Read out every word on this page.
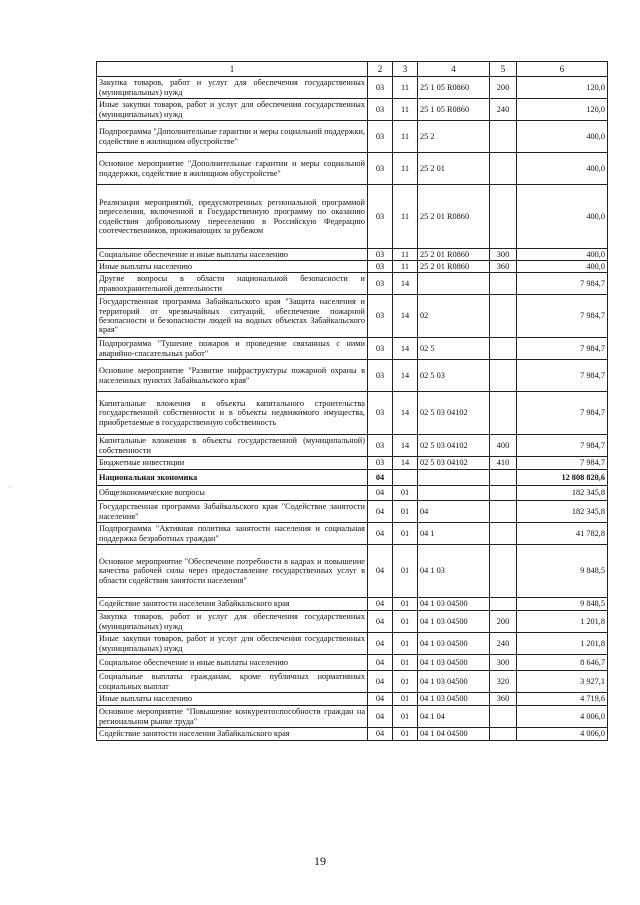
1	2	3	4	5	6
Закупка товаров, работ и услуг для обеспечения государственных (муниципальных) нужд	03	11	25 1 05 R0860	200	120,0
Иные закупки товаров, работ и услуг для обеспечения государственных (муниципальных) нужд	03	11	25 1 05 R0860	240	120,0
Подпрограмма "Дополнительные гарантии и меры социальной поддержки, содействие в жилищном обустройстве"	03	11	25 2		400,0
Основное мероприятие "Дополнительные гарантии и меры социальной поддержки, содействие в жилищном обустройстве"	03	11	25 2 01		400,0
Реализация мероприятий, предусмотренных региональной программой переселения, включенной в Государственную программу по оказанию содействия добровольному переселению в Российскую Федерацию соотечественников, проживающих за рубежом	03	11	25 2 01 R0860		400,0
Социальное обеспечение и иные выплаты населению	03	11	25 2 01 R0860	300	400,0
Иные выплаты населению	03	11	25 2 01 R0860	360	400,0
Другие вопросы в области национальной безопасности и правоохранительной деятельности	03	14			7 984,7
Государственная программа Забайкальского края "Защита населения и территорий от чрезвычайных ситуаций, обеспечение пожарной безопасности и безопасности людей на водных объектах Забайкальского края"	03	14	02		7 984,7
Подпрограмма "Тушение пожаров и проведение связанных с ними аварийно-спасательных работ"	03	14	02 5		7 984,7
Основное мероприятие "Развитие инфраструктуры пожарной охраны в населенных пунктах Забайкальского края"	03	14	02 5 03		7 984,7
Капитальные вложения в объекты капитального строительства государственной собственности и в объекты недвижимого имущества, приобретаемые в государственную собственность	03	14	02 5 03 04102		7 984,7
Капитальные вложения в объекты государственной (муниципальной) собственности	03	14	02 5 03 04102	400	7 984,7
Бюджетные инвестиции	03	14	02 5 03 04102	410	7 984,7
Национальная экономика	04				12 808 820,6
Общеэкономические вопросы	04	01			182 345,8
Государственная программа Забайкальского края "Содействие занятости населения"	04	01	04		182 345,8
Подпрограмма "Активная политика занятости населения и социальная поддержка безработных граждан"	04	01	04 1		41 782,8
Основное мероприятие "Обеспечение потребности в кадрах и повышение качества рабочей силы через предоставление государственных услуг в области содействия занятости населения"	04	01	04 1 03		9 848,5
Содействие занятости населения Забайкальского края	04	01	04 1 03 04500		9 848,5
Закупка товаров, работ и услуг для обеспечения государственных (муниципальных) нужд	04	01	04 1 03 04500	200	1 201,8
Иные закупки товаров, работ и услуг для обеспечения государственных (муниципальных) нужд	04	01	04 1 03 04500	240	1 201,8
Социальное обеспечение и иные выплаты населению	04	01	04 1 03 04500	300	8 646,7
Социальные выплаты гражданам, кроме публичных нормативных социальных выплат	04	01	04 1 03 04500	320	3 927,1
Иные выплаты населению	04	01	04 1 03 04500	360	4 719,6
Основное мероприятие "Повышение конкурентоспособности граждан на региональном рынке труда"	04	01	04 1 04		4 006,0
Содействие занятости населения Забайкальского края	04	01	04 1 04 04500		4 006,0
·
·
19
